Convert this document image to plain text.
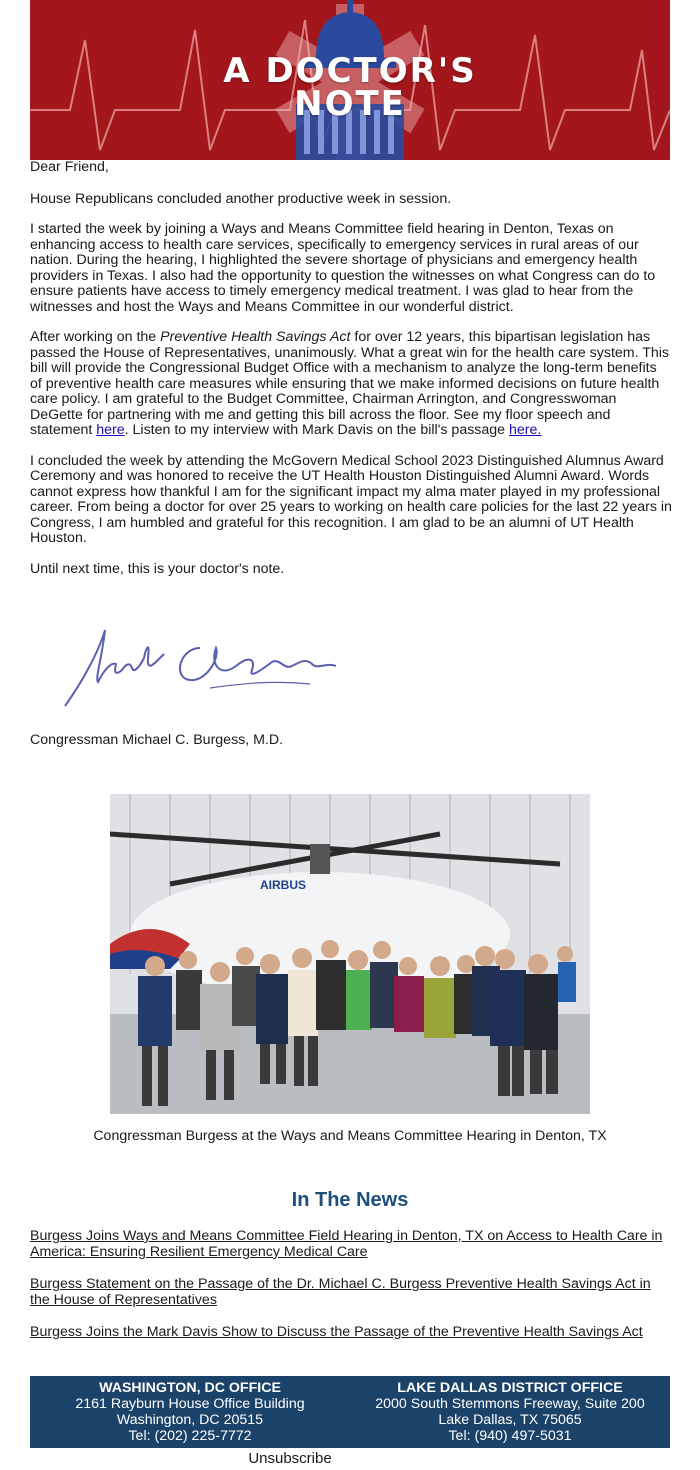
A DOCTOR'S
NOTE

Dear Friend,

House Republicans concluded another productive week in session.

I started the week by joining a Ways and Means Committee field hearing in Denton, Texas on enhancing access to health care services, specifically to emergency services in rural areas of our nation. During the hearing, I highlighted the severe shortage of physicians and emergency health providers in Texas. I also had the opportunity to question the witnesses on what Congress can do to ensure patients have access to timely emergency medical treatment. I was glad to hear from the witnesses and host the Ways and Means Committee in our wonderful district.

After working on the Preventive Health Savings Act for over 12 years, this bipartisan legislation has passed the House of Representatives, unanimously. What a great win for the health care system. This bill will provide the Congressional Budget Office with a mechanism to analyze the long-term benefits of preventive health care measures while ensuring that we make informed decisions on future health care policy. I am grateful to the Budget Committee, Chairman Arrington, and Congresswoman DeGette for partnering with me and getting this bill across the floor. See my floor speech and statement here. Listen to my interview with Mark Davis on the bill's passage here.

I concluded the week by attending the McGovern Medical School 2023 Distinguished Alumnus Award Ceremony and was honored to receive the UT Health Houston Distinguished Alumni Award. Words cannot express how thankful I am for the significant impact my alma mater played in my professional career. From being a doctor for over 25 years to working on health care policies for the last 22 years in Congress, I am humbled and grateful for this recognition. I am glad to be an alumni of UT Health Houston.

Until next time, this is your doctor's note.

Congressman Michael C. Burgess, M.D.
AIRBUS
Congressman Burgess at the Ways and Means Committee Hearing in Denton, TX
In The News
Burgess Joins Ways and Means Committee Field Hearing in Denton, TX on Access to Health Care in America: Ensuring Resilient Emergency Medical Care
Burgess Statement on the Passage of the Dr. Michael C. Burgess Preventive Health Savings Act in the House of Representatives
Burgess Joins the Mark Davis Show to Discuss the Passage of the Preventive Health Savings Act
WASHINGTON, DC OFFICE
2161 Rayburn House Office Building
Washington, DC 20515
Tel: (202) 225-7772
LAKE DALLAS DISTRICT OFFICE
2000 South Stemmons Freeway, Suite 200
Lake Dallas, TX 75065
Tel: (940) 497-5031
Unsubscribe
